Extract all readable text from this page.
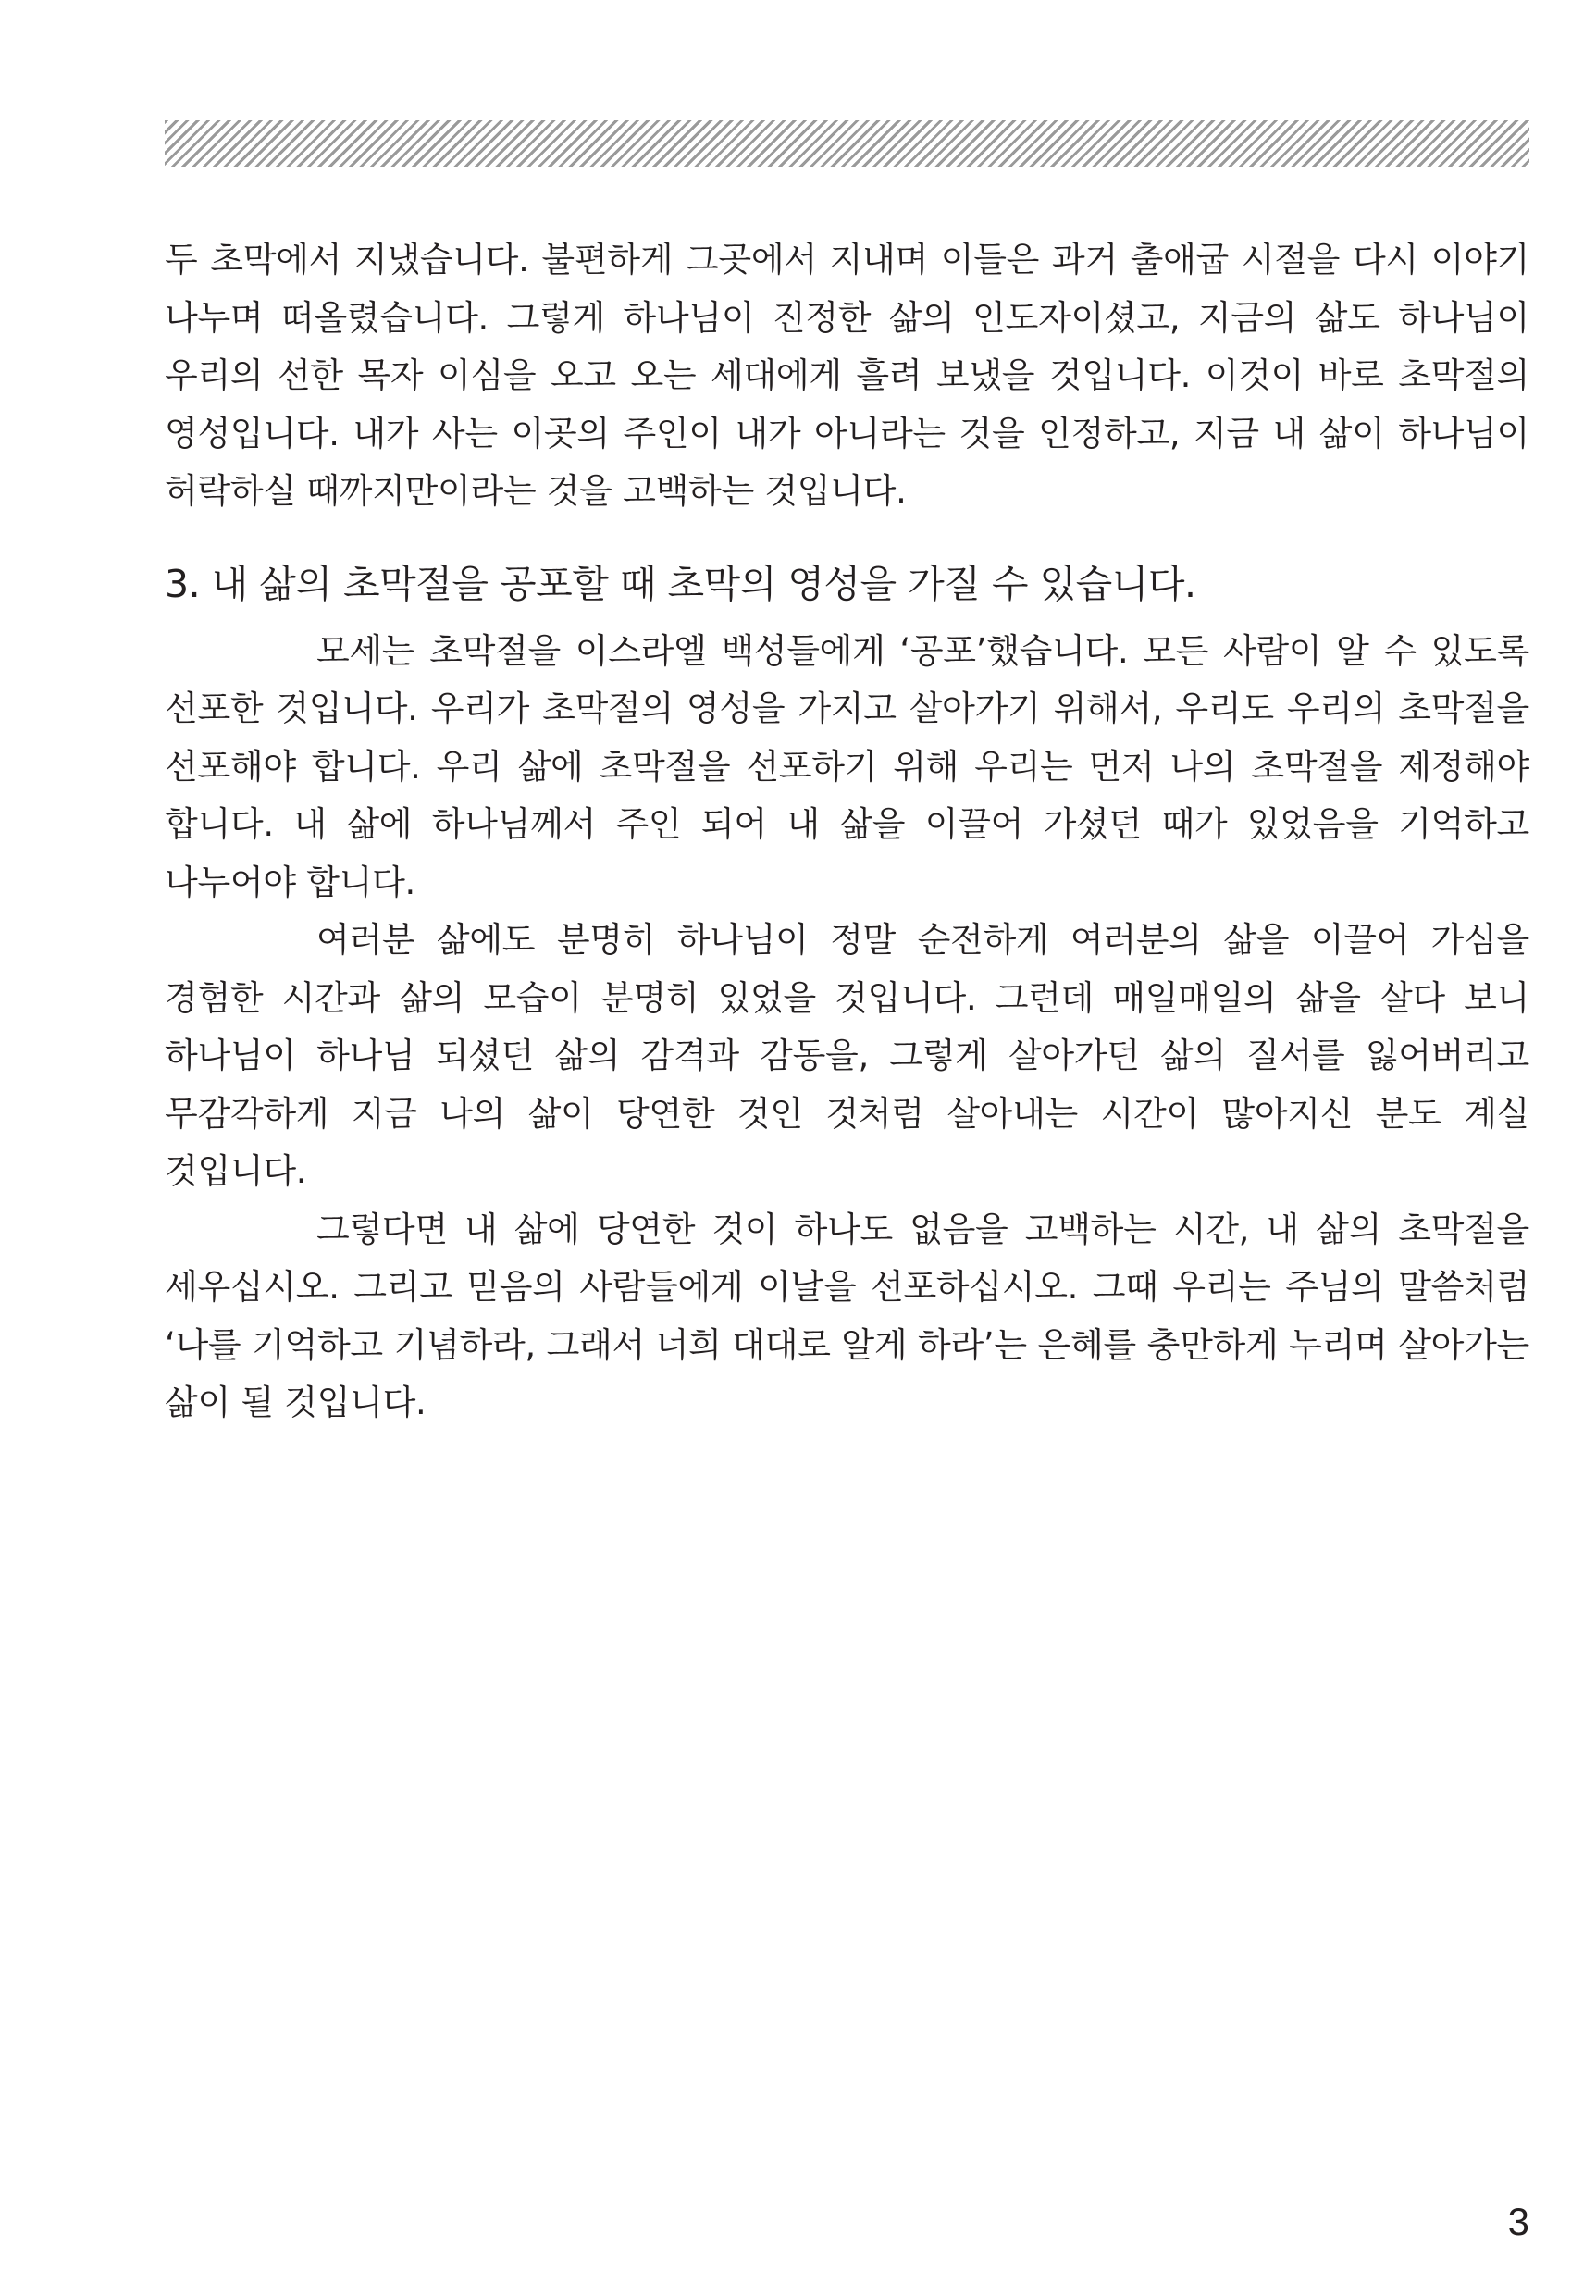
두 초막에서 지냈습니다. 불편하게 그곳에서 지내며 이들은 과거 출애굽 시절을 다시 이야기 나누며 떠올렸습니다. 그렇게 하나님이 진정한 삶의 인도자이셨고, 지금의 삶도 하나님이 우리의 선한 목자 이심을 오고 오는 세대에게 흘려 보냈을 것입니다. 이것이 바로 초막절의 영성입니다. 내가 사는 이곳의 주인이 내가 아니라는 것을 인정하고, 지금 내 삶이 하나님이 허락하실 때까지만이라는 것을 고백하는 것입니다.

3. 내 삶의 초막절을 공포할 때 초막의 영성을 가질 수 있습니다.

모세는 초막절을 이스라엘 백성들에게 ‘공포’했습니다. 모든 사람이 알 수 있도록 선포한 것입니다. 우리가 초막절의 영성을 가지고 살아가기 위해서, 우리도 우리의 초막절을 선포해야 합니다. 우리 삶에 초막절을 선포하기 위해 우리는 먼저 나의 초막절을 제정해야 합니다. 내 삶에 하나님께서 주인 되어 내 삶을 이끌어 가셨던 때가 있었음을 기억하고 나누어야 합니다.

여러분 삶에도 분명히 하나님이 정말 순전하게 여러분의 삶을 이끌어 가심을 경험한 시간과 삶의 모습이 분명히 있었을 것입니다. 그런데 매일매일의 삶을 살다 보니 하나님이 하나님 되셨던 삶의 감격과 감동을, 그렇게 살아가던 삶의 질서를 잃어버리고 무감각하게 지금 나의 삶이 당연한 것인 것처럼 살아내는 시간이 많아지신 분도 계실 것입니다.

그렇다면 내 삶에 당연한 것이 하나도 없음을 고백하는 시간, 내 삶의 초막절을 세우십시오. 그리고 믿음의 사람들에게 이날을 선포하십시오. 그때 우리는 주님의 말씀처럼 ‘나를 기억하고 기념하라, 그래서 너희 대대로 알게 하라’는 은혜를 충만하게 누리며 살아가는 삶이 될 것입니다.

3
